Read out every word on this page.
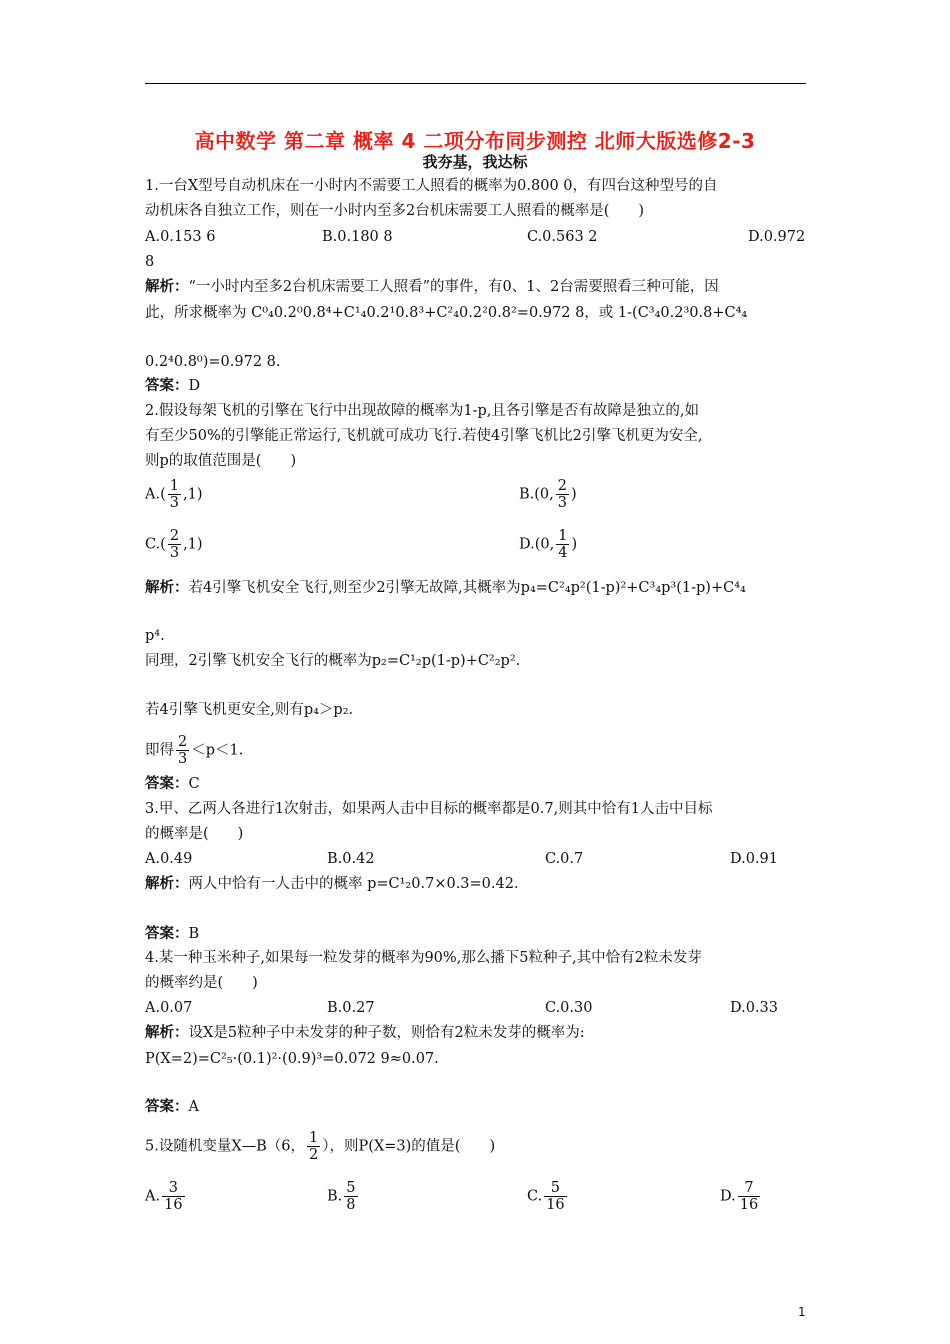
高中数学 第二章 概率 4 二项分布同步测控 北师大版选修2-3
我夯基，我达标
1.一台X型号自动机床在一小时内不需要工人照看的概率为0.800 0，有四台这种型号的自
动机床各自独立工作，则在一小时内至多2台机床需要工人照看的概率是(　　)
A.0.153 6	B.0.180 8	C.0.563 2	D.0.972
8
解析：“一小时内至多2台机床需要工人照看”的事件，有0、1、2台需要照看三种可能，因
此，所求概率为 C⁰₄0.2⁰0.8⁴+C¹₄0.2¹0.8³+C²₄0.2²0.8²=0.972 8，或 1-(C³₄0.2³0.8+C⁴₄
0.2⁴0.8⁰)=0.972 8.
答案：D
2.假设每架飞机的引擎在飞行中出现故障的概率为1-p,且各引擎是否有故障是独立的,如
有至少50%的引擎能正常运行,飞机就可成功飞行.若使4引擎飞机比2引擎飞机更为安全,
则p的取值范围是(　　)
$A.( \frac{1}{3} ,1)$	B.(0, $\frac{2}{3}$ )
$C.( \frac{2}{3} ,1)$	D.(0, $\frac{1}{4}$ )
解析：若4引擎飞机安全飞行,则至少2引擎无故障,其概率为p₄=C²₄p²(1-p)²+C³₄p³(1-p)+C⁴₄
p⁴.
同理，2引擎飞机安全飞行的概率为p₂=C¹₂p(1-p)+C²₂p².
若4引擎飞机更安全,则有p₄＞p₂.
即得 $\frac{2}{3} <p<1$.
答案：C
3.甲、乙两人各进行1次射击，如果两人击中目标的概率都是0.7,则其中恰有1人击中目标
的概率是(　　)
A.0.49	B.0.42	C.0.7	D.0.91
解析：两人中恰有一人击中的概率 p=C¹₂0.7×0.3=0.42.
答案：B
4.某一种玉米种子,如果每一粒发芽的概率为90%,那么播下5粒种子,其中恰有2粒未发芽
的概率约是(　　)
A.0.07	B.0.27	C.0.30	D.0.33
解析：设X是5粒种子中未发芽的种子数，则恰有2粒未发芽的概率为:
P(X=2)=C²₅·(0.1)²·(0.9)³=0.072 9≈0.07.
答案：A
5.设随机变量X—B（6， $\frac{1}{2}$ ），则P(X=3)的值是(　　)
A. $\frac{3}{16}$	B. $\frac{5}{8}$	C. $\frac{5}{16}$	D. $\frac{7}{16}$
1
